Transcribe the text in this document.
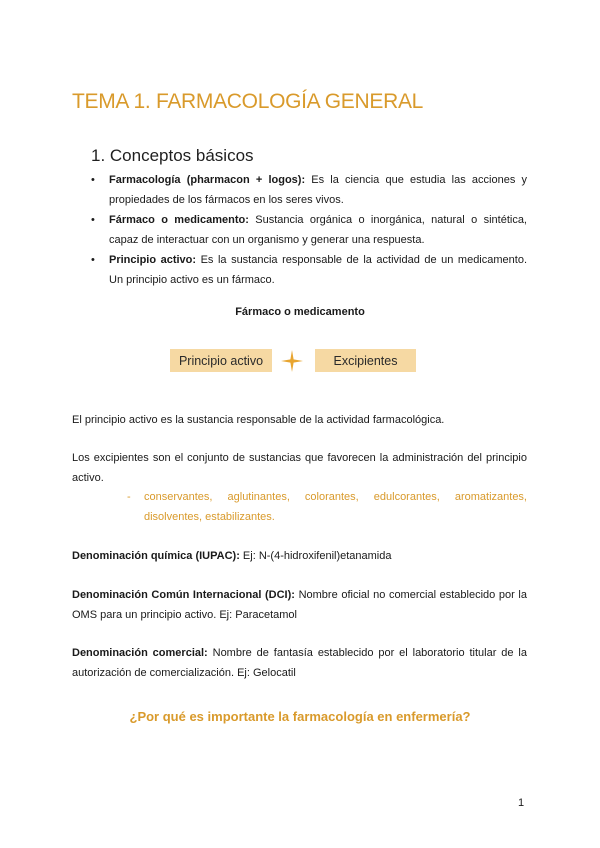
TEMA 1. FARMACOLOGÍA GENERAL
1. Conceptos básicos
• Farmacología (pharmacon + logos): Es la ciencia que estudia las acciones y propiedades de los fármacos en los seres vivos.
• Fármaco o medicamento: Sustancia orgánica o inorgánica, natural o sintética, capaz de interactuar con un organismo y generar una respuesta.
• Principio activo: Es la sustancia responsable de la actividad de un medicamento. Un principio activo es un fármaco.
Fármaco o medicamento
Principio activo	Excipientes
El principio activo es la sustancia responsable de la actividad farmacológica.
Los excipientes son el conjunto de sustancias que favorecen la administración del principio activo.
- conservantes, aglutinantes, colorantes, edulcorantes, aromatizantes, disolventes, estabilizantes.
Denominación química (IUPAC): Ej: N-(4-hidroxifenil)etanamida
Denominación Común Internacional (DCI): Nombre oficial no comercial establecido por la OMS para un principio activo. Ej: Paracetamol
Denominación comercial: Nombre de fantasía establecido por el laboratorio titular de la autorización de comercialización. Ej: Gelocatil
¿Por qué es importante la farmacología en enfermería?
1
